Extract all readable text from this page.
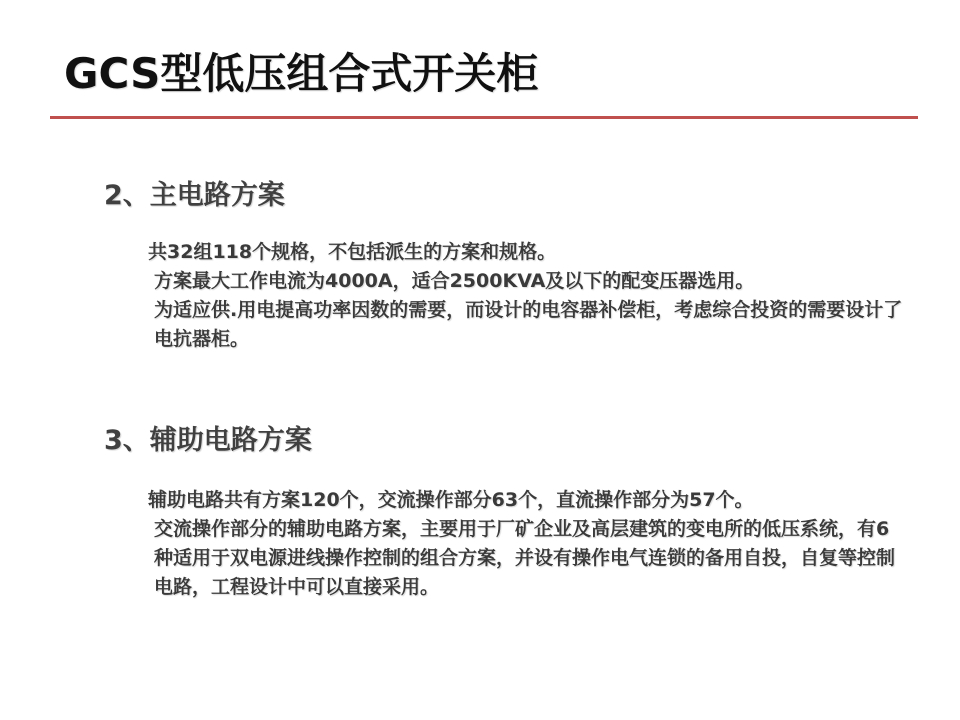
GCS型低压组合式开关柜
2、主电路方案
共32组118个规格，不包括派生的方案和规格。
方案最大工作电流为4000A，适合2500KVA及以下的配变压器选用。
为适应供.用电提高功率因数的需要，而设计的电容器补偿柜，考虑综合投资的需要设计了电抗器柜。
3、辅助电路方案
辅助电路共有方案120个，交流操作部分63个，直流操作部分为57个。
交流操作部分的辅助电路方案，主要用于厂矿企业及高层建筑的变电所的低压系统，有6种适用于双电源进线操作控制的组合方案，并设有操作电气连锁的备用自投，自复等控制电路，工程设计中可以直接采用。
